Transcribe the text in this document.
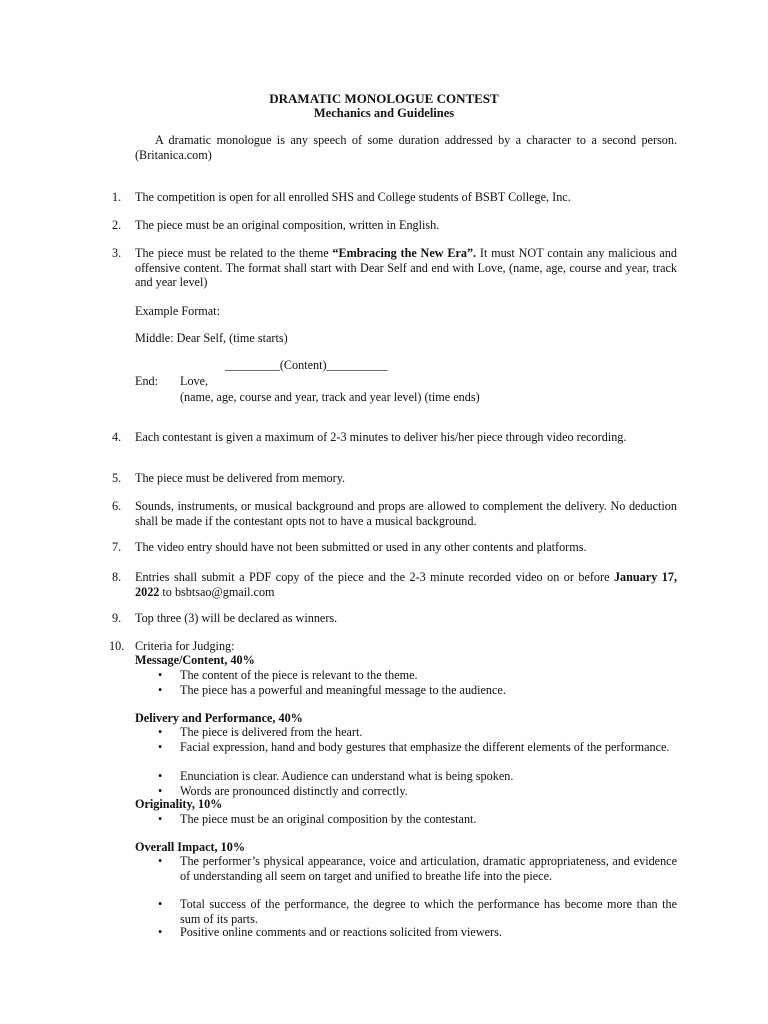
DRAMATIC MONOLOGUE CONTEST
Mechanics and Guidelines
A dramatic monologue is any speech of some duration addressed by a character to a second person. (Britanica.com)
1. The competition is open for all enrolled SHS and College students of BSBT College, Inc.
2. The piece must be an original composition, written in English.
3. The piece must be related to the theme “Embracing the New Era”. It must NOT contain any malicious and offensive content. The format shall start with Dear Self and end with Love, (name, age, course and year, track and year level)
Example Format:
Middle: Dear Self, (time starts)
_________(Content)__________
End: Love,
(name, age, course and year, track and year level) (time ends)
4. Each contestant is given a maximum of 2-3 minutes to deliver his/her piece through video recording.
5. The piece must be delivered from memory.
6. Sounds, instruments, or musical background and props are allowed to complement the delivery. No deduction shall be made if the contestant opts not to have a musical background.
7. The video entry should have not been submitted or used in any other contents and platforms.
8. Entries shall submit a PDF copy of the piece and the 2-3 minute recorded video on or before January 17, 2022 to bsbtsao@gmail.com
9. Top three (3) will be declared as winners.
10. Criteria for Judging:
Message/Content, 40%
• The content of the piece is relevant to the theme.
• The piece has a powerful and meaningful message to the audience.
Delivery and Performance, 40%
• The piece is delivered from the heart.
• Facial expression, hand and body gestures that emphasize the different elements of the performance.
• Enunciation is clear. Audience can understand what is being spoken.
• Words are pronounced distinctly and correctly.
Originality, 10%
• The piece must be an original composition by the contestant.
Overall Impact, 10%
• The performer’s physical appearance, voice and articulation, dramatic appropriateness, and evidence of understanding all seem on target and unified to breathe life into the piece.
• Total success of the performance, the degree to which the performance has become more than the sum of its parts.
• Positive online comments and or reactions solicited from viewers.
